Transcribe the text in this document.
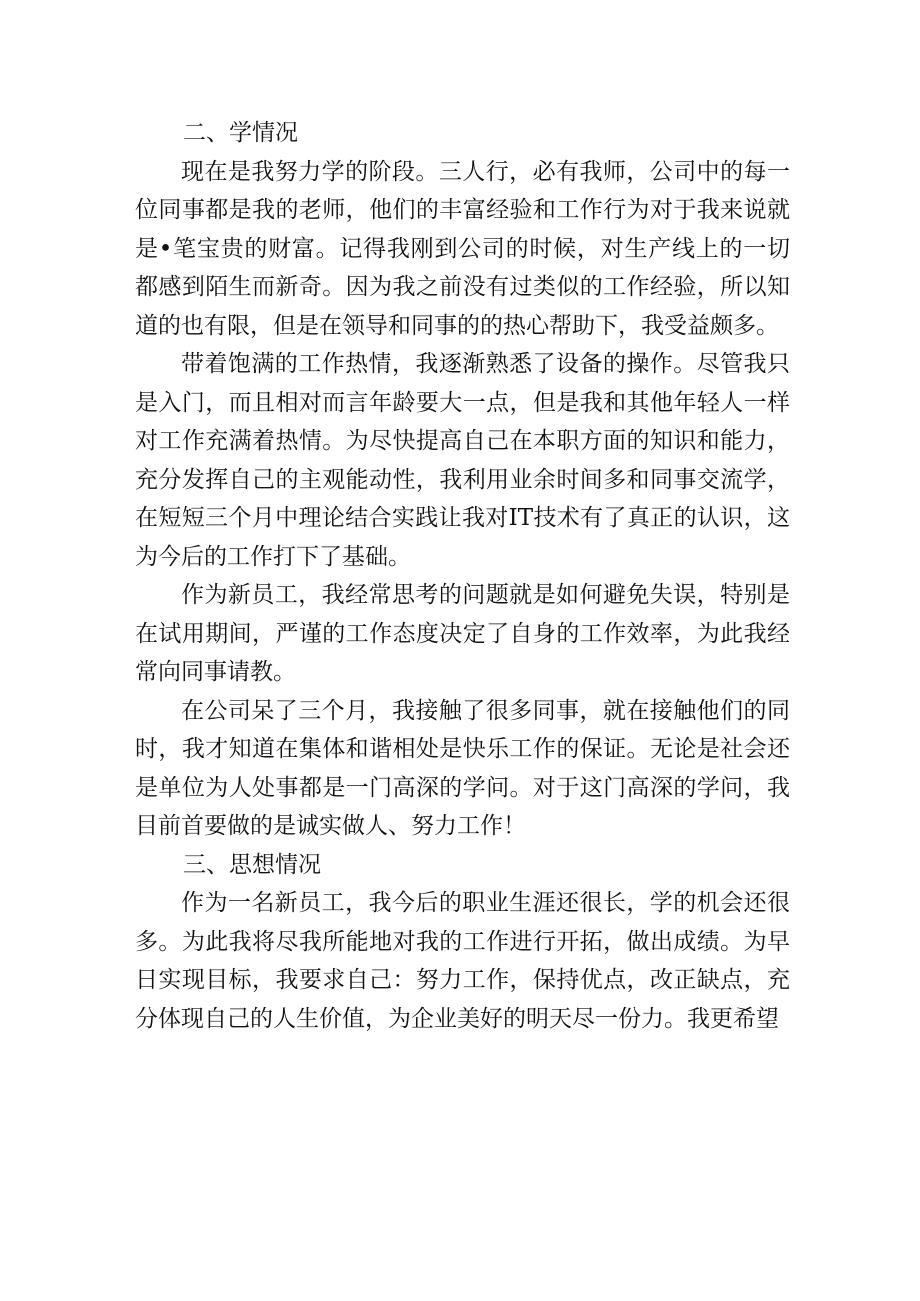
二、学情况

现在是我努力学的阶段。三人行，必有我师，公司中的每一位同事都是我的老师，他们的丰富经验和工作行为对于我来说就是•笔宝贵的财富。记得我刚到公司的时候，对生产线上的一切都感到陌生而新奇。因为我之前没有过类似的工作经验，所以知道的也有限，但是在领导和同事的的热心帮助下，我受益颇多。

带着饱满的工作热情，我逐渐熟悉了设备的操作。尽管我只是入门，而且相对而言年龄要大一点，但是我和其他年轻人一样对工作充满着热情。为尽快提高自己在本职方面的知识和能力，充分发挥自己的主观能动性，我利用业余时间多和同事交流学，在短短三个月中理论结合实践让我对IT技术有了真正的认识，这为今后的工作打下了基础。

作为新员工，我经常思考的问题就是如何避免失误，特别是在试用期间，严谨的工作态度决定了自身的工作效率，为此我经常向同事请教。

在公司呆了三个月，我接触了很多同事，就在接触他们的同时，我才知道在集体和谐相处是快乐工作的保证。无论是社会还是单位为人处事都是一门高深的学问。对于这门高深的学问，我目前首要做的是诚实做人、努力工作！

三、思想情况

作为一名新员工，我今后的职业生涯还很长，学的机会还很多。为此我将尽我所能地对我的工作进行开拓，做出成绩。为早日实现目标，我要求自己：努力工作，保持优点，改正缺点，充分体现自己的人生价值，为企业美好的明天尽一份力。我更希望
